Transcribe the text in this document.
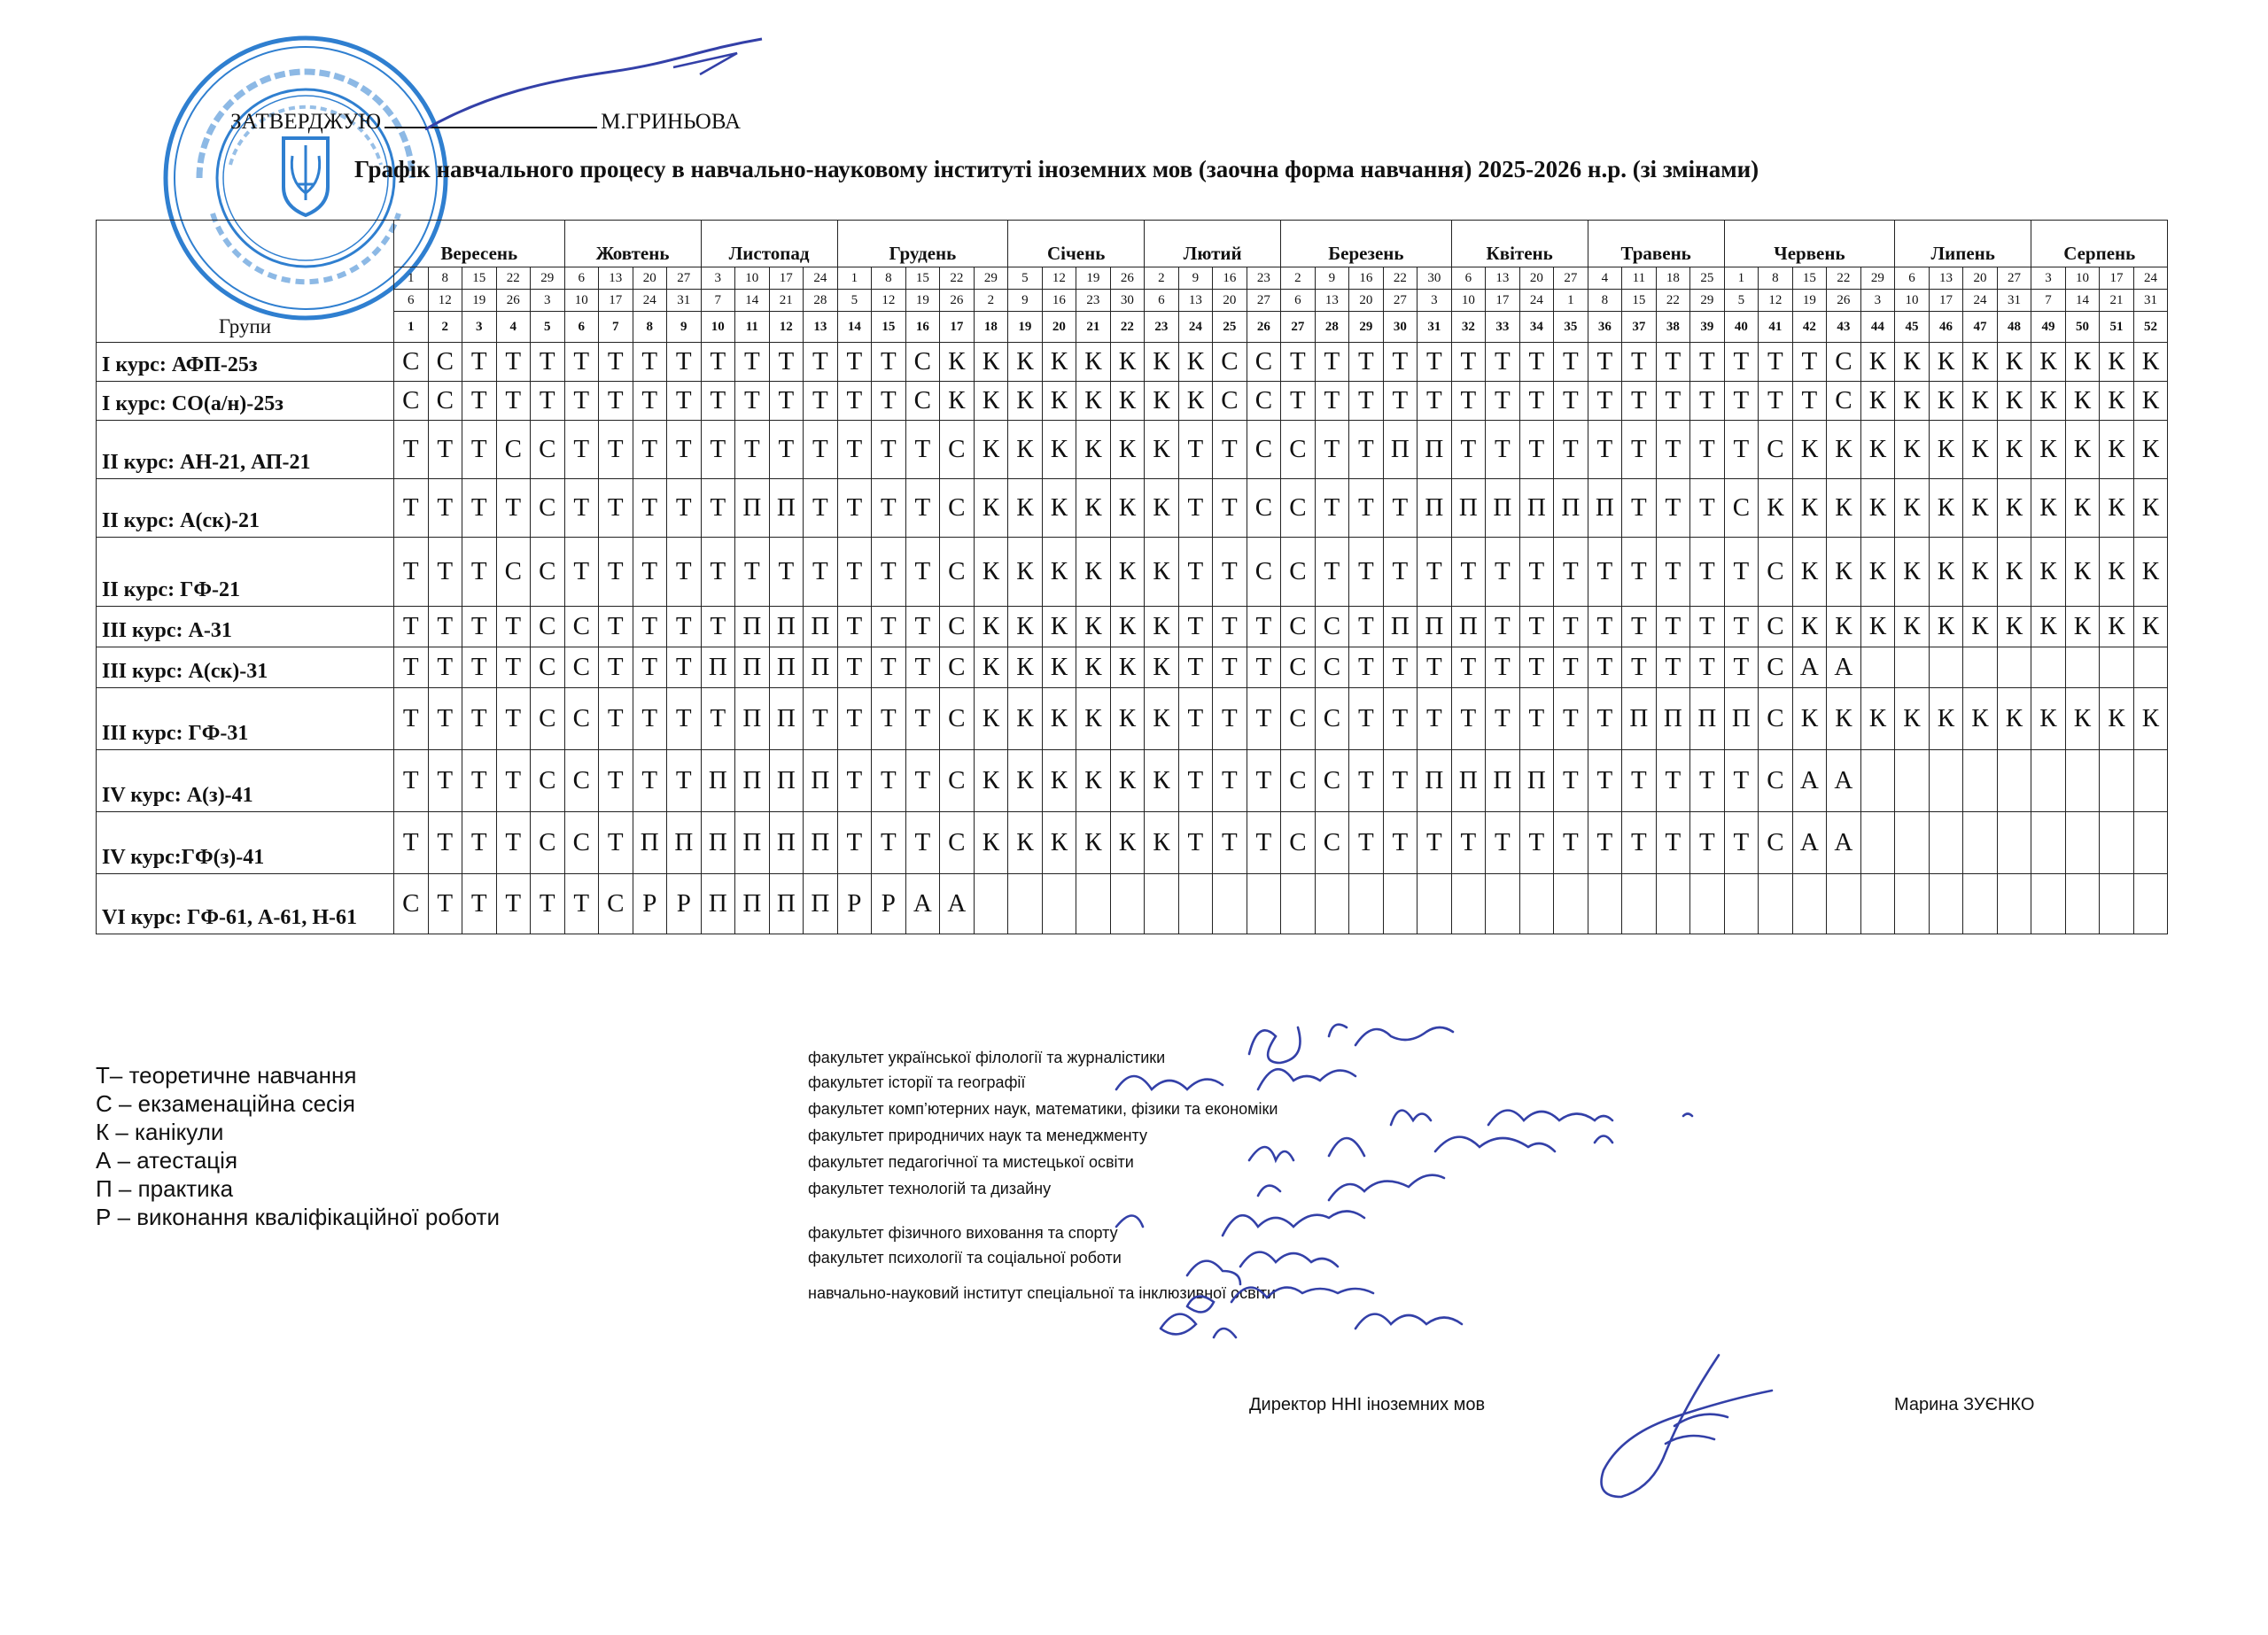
ЗАТВЕРДЖУЮ	М.ГРИНЬОВА
Графік навчального процесу в навчально-науковому інституті іноземних мов (заочна форма навчання) 2025-2026 н.р. (зі змінами)
Групи	Вересень					Жовтень				Листопад				Грудень					Січень				Лютий				Березень					Квітень				Травень				Червень					Липень				Серпень			
	1	8	15	22	29	6	13	20	27	3	10	17	24	1	8	15	22	29	5	12	19	26	2	9	16	23	2	9	16	22	30	6	13	20	27	4	11	18	25	1	8	15	22	29	6	13	20	27	3	10	17	24
	6	12	19	26	3	10	17	24	31	7	14	21	28	5	12	19	26	2	9	16	23	30	6	13	20	27	6	13	20	27	3	10	17	24	1	8	15	22	29	5	12	19	26	3	10	17	24	31	7	14	21	31
	1	2	3	4	5	6	7	8	9	10	11	12	13	14	15	16	17	18	19	20	21	22	23	24	25	26	27	28	29	30	31	32	33	34	35	36	37	38	39	40	41	42	43	44	45	46	47	48	49	50	51	52
І курс: АФП-25з	С	С	Т	Т	Т	Т	Т	Т	Т	Т	Т	Т	Т	Т	Т	С	К	К	К	К	К	К	К	К	С	С	Т	Т	Т	Т	Т	Т	Т	Т	Т	Т	Т	Т	Т	Т	Т	Т	С	К	К	К	К	К	К	К	К	К
І курс: СО(а/н)-25з	С	С	Т	Т	Т	Т	Т	Т	Т	Т	Т	Т	Т	Т	Т	С	К	К	К	К	К	К	К	К	С	С	Т	Т	Т	Т	Т	Т	Т	Т	Т	Т	Т	Т	Т	Т	Т	Т	С	К	К	К	К	К	К	К	К	К
ІІ курс: АН-21, АП-21	Т	Т	Т	С	С	Т	Т	Т	Т	Т	Т	Т	Т	Т	Т	Т	С	К	К	К	К	К	К	Т	Т	С	С	Т	Т	П	П	Т	Т	Т	Т	Т	Т	Т	Т	Т	С	К	К	К	К	К	К	К	К	К	К	К
ІІ курс: А(ск)-21	Т	Т	Т	Т	С	Т	Т	Т	Т	Т	П	П	Т	Т	Т	Т	С	К	К	К	К	К	К	Т	Т	С	С	Т	Т	Т	П	П	П	П	П	П	Т	Т	Т	С	К	К	К	К	К	К	К	К	К	К	К	К
ІІ курс: ГФ-21	Т	Т	Т	С	С	Т	Т	Т	Т	Т	Т	Т	Т	Т	Т	Т	С	К	К	К	К	К	К	Т	Т	С	С	Т	Т	Т	Т	Т	Т	Т	Т	Т	Т	Т	Т	Т	С	К	К	К	К	К	К	К	К	К	К	К
ІІІ курс: А-31	Т	Т	Т	Т	С	С	Т	Т	Т	Т	П	П	П	Т	Т	Т	С	К	К	К	К	К	К	Т	Т	Т	С	С	Т	П	П	П	Т	Т	Т	Т	Т	Т	Т	Т	С	К	К	К	К	К	К	К	К	К	К	К
ІІІ курс: А(ск)-31	Т	Т	Т	Т	С	С	Т	Т	Т	П	П	П	П	Т	Т	Т	С	К	К	К	К	К	К	Т	Т	Т	С	С	Т	Т	Т	Т	Т	Т	Т	Т	Т	Т	Т	Т	С	А	А									
ІІІ курс: ГФ-31	Т	Т	Т	Т	С	С	Т	Т	Т	Т	П	П	Т	Т	Т	Т	С	К	К	К	К	К	К	Т	Т	Т	С	С	Т	Т	Т	Т	Т	Т	Т	Т	П	П	П	П	С	К	К	К	К	К	К	К	К	К	К	К
IV курс: А(з)-41	Т	Т	Т	Т	С	С	Т	Т	Т	П	П	П	П	Т	Т	Т	С	К	К	К	К	К	К	Т	Т	Т	С	С	Т	Т	П	П	П	П	Т	Т	Т	Т	Т	Т	С	А	А									
IV курс:ГФ(з)-41	Т	Т	Т	Т	С	С	Т	П	П	П	П	П	П	Т	Т	Т	С	К	К	К	К	К	К	Т	Т	Т	С	С	Т	Т	Т	Т	Т	Т	Т	Т	Т	Т	Т	Т	С	А	А									
VІ курс: ГФ-61, А-61, Н-61	С	Т	Т	Т	Т	Т	С	Р	Р	П	П	П	П	Р	Р	А	А																																			
Т– теоретичне навчання
С – екзаменаційна сесія
К – канікули
А – атестація
П – практика
Р – виконання кваліфікаційної роботи
факультет української філології та журналістики
факультет історії та географії
факультет комп’ютерних наук, математики, фізики та економіки
факультет природничих наук та менеджменту
факультет педагогічної та мистецької освіти
факультет технологій та дизайну
факультет фізичного виховання та спорту
факультет психології та соціальної роботи
навчально-науковий інститут спеціальної та інклюзивної освіти
Директор ННІ іноземних мов	Марина ЗУЄНКО
